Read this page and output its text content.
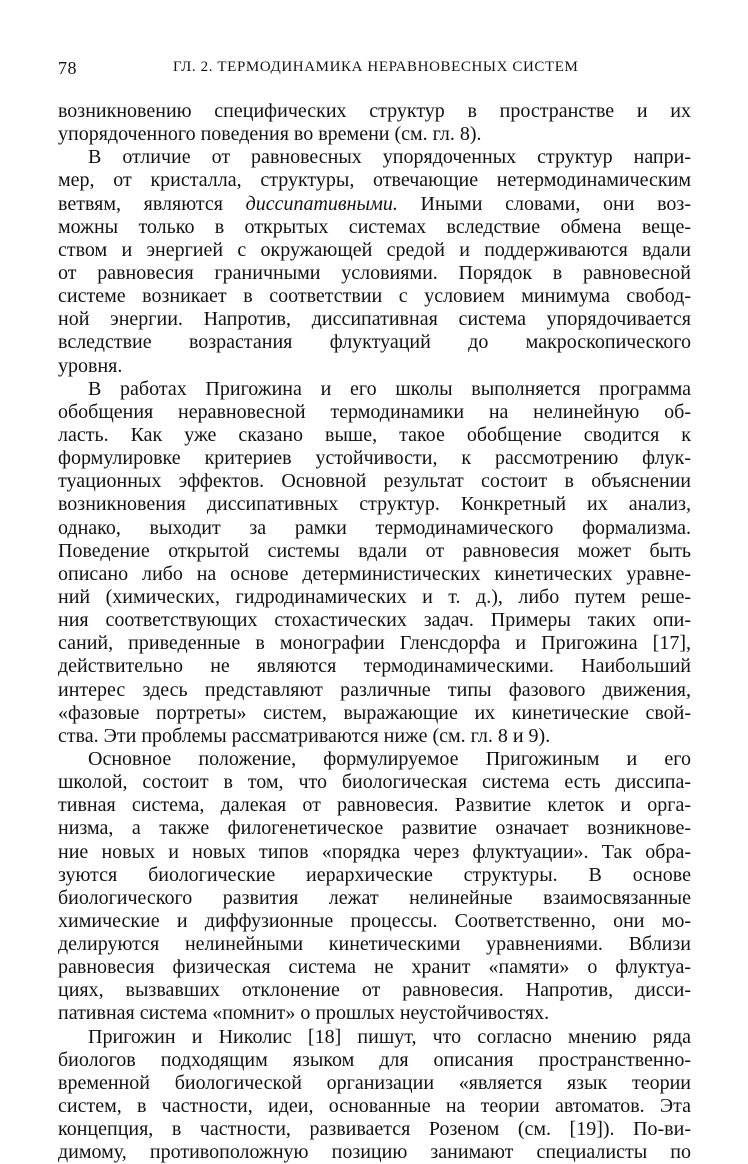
78	ГЛ. 2. ТЕРМОДИНАМИКА НЕРАВНОВЕСНЫХ СИСТЕМ
возникновению специфических структур в пространстве и их
упорядоченного поведения во времени (см. гл. 8).
В отличие от равновесных упорядоченных структур напри-
мер, от кристалла, структуры, отвечающие нетермодинамическим
ветвям, являются диссипативными. Иными словами, они воз-
можны только в открытых системах вследствие обмена веще-
ством и энергией с окружающей средой и поддерживаются вдали
от равновесия граничными условиями. Порядок в равновесной
системе возникает в соответствии с условием минимума свобод-
ной энергии. Напротив, диссипативная система упорядочивается
вследствие возрастания флуктуаций до макроскопического
уровня.
В работах Пригожина и его школы выполняется программа
обобщения неравновесной термодинамики на нелинейную об-
ласть. Как уже сказано выше, такое обобщение сводится к
формулировке критериев устойчивости, к рассмотрению флук-
туационных эффектов. Основной результат состоит в объяснении
возникновения диссипативных структур. Конкретный их анализ,
однако, выходит за рамки термодинамического формализма.
Поведение открытой системы вдали от равновесия может быть
описано либо на основе детерминистических кинетических уравне-
ний (химических, гидродинамических и т. д.), либо путем реше-
ния соответствующих стохастических задач. Примеры таких опи-
саний, приведенные в монографии Гленсдорфа и Пригожина [17],
действительно не являются термодинамическими. Наибольший
интерес здесь представляют различные типы фазового движения,
«фазовые портреты» систем, выражающие их кинетические свой-
ства. Эти проблемы рассматриваются ниже (см. гл. 8 и 9).
Основное положение, формулируемое Пригожиным и его
школой, состоит в том, что биологическая система есть диссипа-
тивная система, далекая от равновесия. Развитие клеток и орга-
низма, а также филогенетическое развитие означает возникнове-
ние новых и новых типов «порядка через флуктуации». Так обра-
зуются биологические иерархические структуры. В основе
биологического развития лежат нелинейные взаимосвязанные
химические и диффузионные процессы. Соответственно, они мо-
делируются нелинейными кинетическими уравнениями. Вблизи
равновесия физическая система не хранит «памяти» о флуктуа-
циях, вызвавших отклонение от равновесия. Напротив, дисси-
пативная система «помнит» о прошлых неустойчивостях.
Пригожин и Николис [18] пишут, что согласно мнению ряда
биологов подходящим языком для описания пространственно-
временной биологической организации «является язык теории
систем, в частности, идеи, основанные на теории автоматов. Эта
концепция, в частности, развивается Розеном (см. [19]). По-ви-
димому, противоположную позицию занимают специалисты по
